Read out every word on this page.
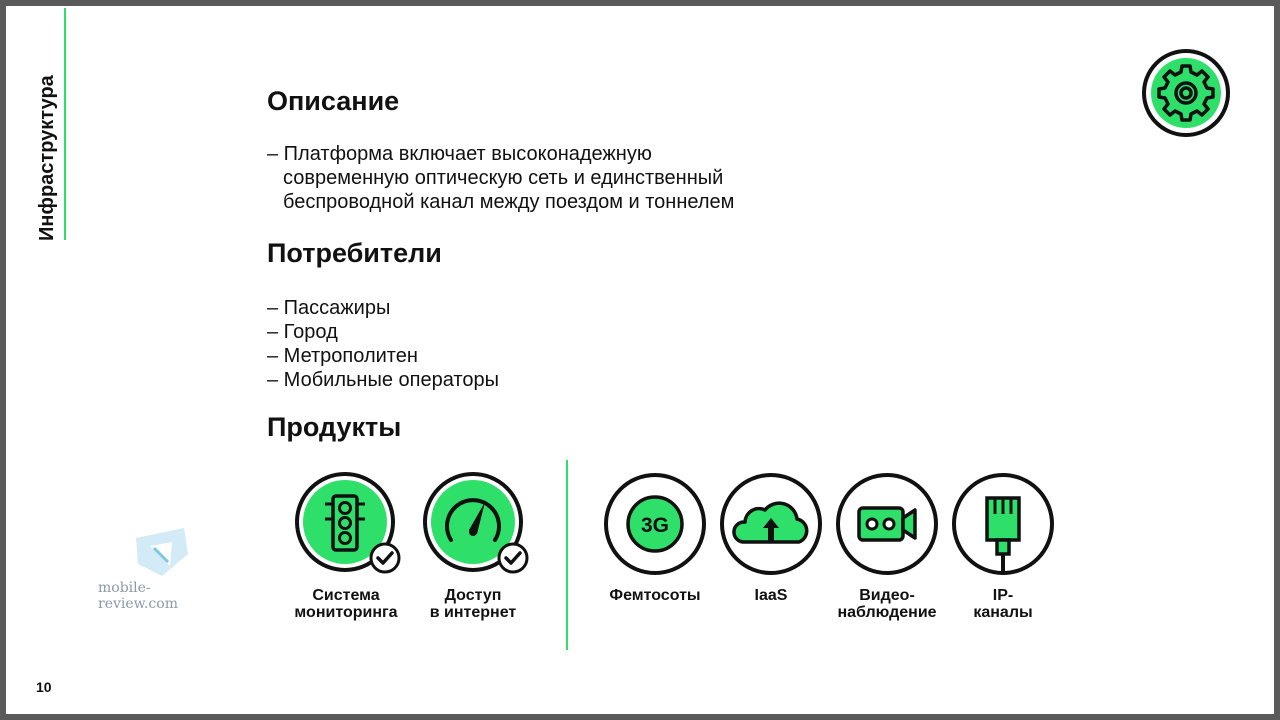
Инфраструктура	Описание
– Платформа включает высоконадежную
современную оптическую сеть и единственный
беспроводной канал между поездом и тоннелем
Потребители
– Пассажиры
– Город
– Метрополитен
– Мобильные операторы
Продукты
Система
мониторинга
Доступ
в интернет
3G
Фемтосоты	IaaS	Видео-
наблюдение
IP-
каналы
mobile-review.com
10
